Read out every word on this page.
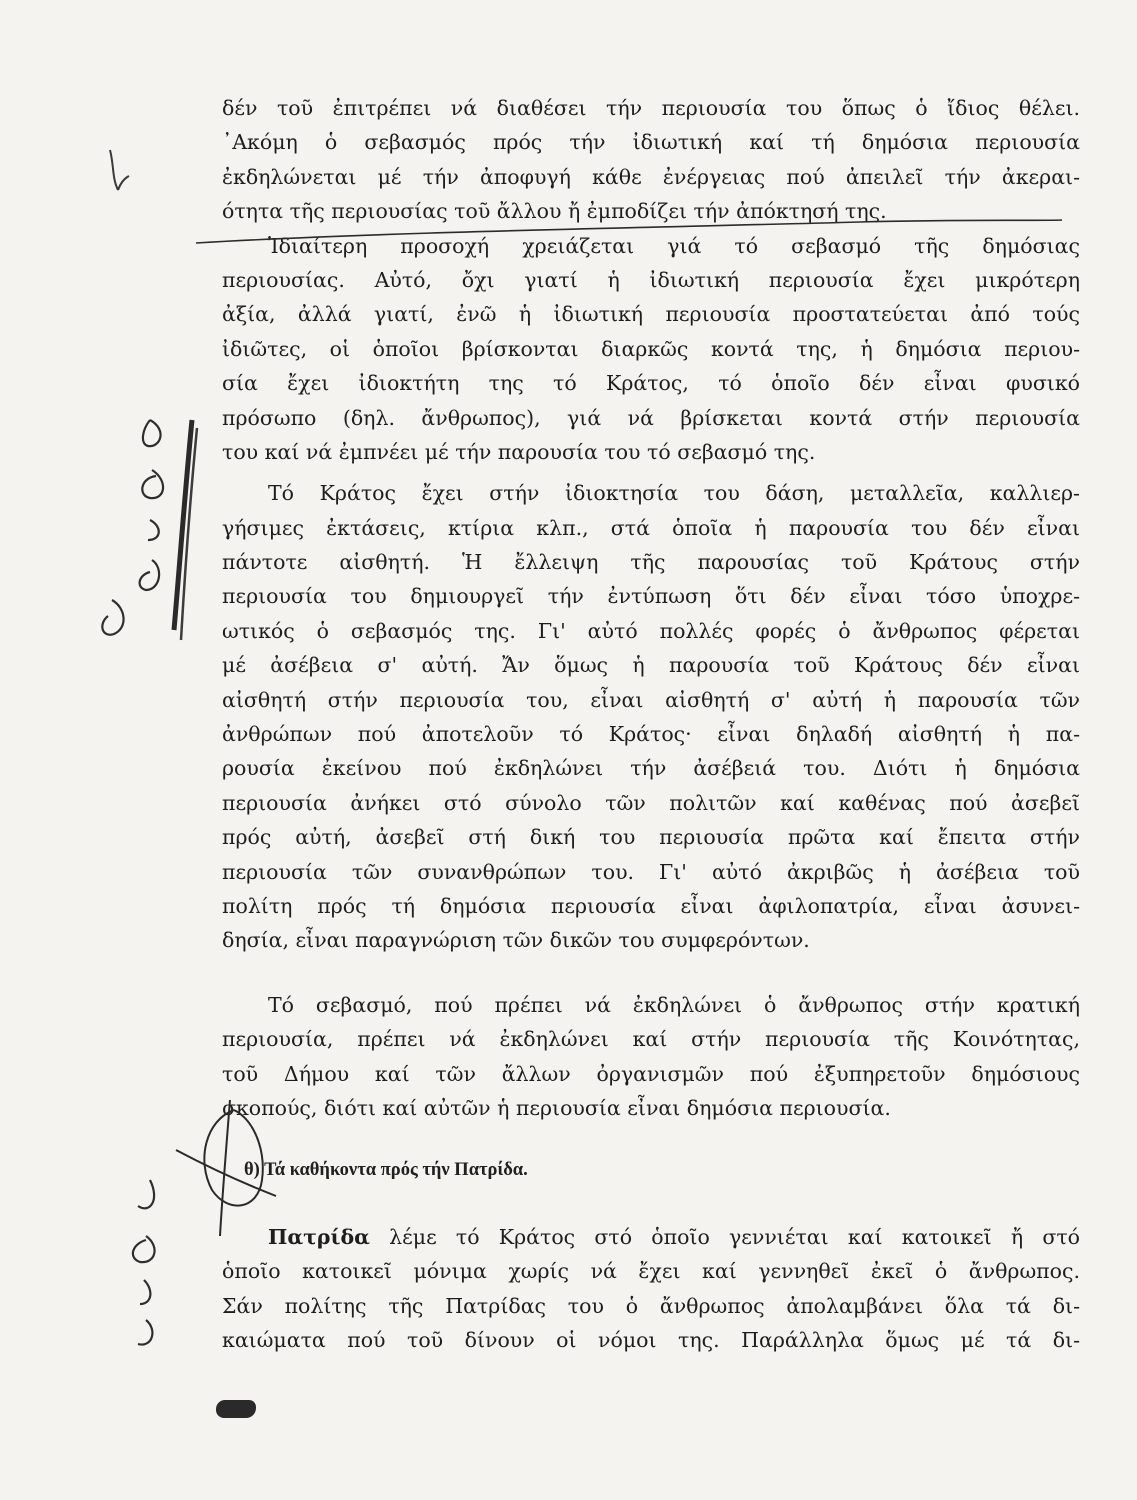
δέν τοῦ ἐπιτρέπει νά διαθέσει τήν περιουσία του ὅπως ὁ ἴδιος θέλει.
᾿Ακόμη ὁ σεβασμός πρός τήν ἰδιωτική καί τή δημόσια περιουσία
ἐκδηλώνεται μέ τήν ἀποφυγή κάθε ἐνέργειας πού ἀπειλεῖ τήν ἀκεραι-
ότητα τῆς περιουσίας τοῦ ἄλλου ἤ ἐμποδίζει τήν ἀπόκτησή της.
Ἰδιαίτερη προσοχή χρειάζεται γιά τό σεβασμό τῆς δημόσιας
περιουσίας. Αὐτό, ὄχι γιατί ἡ ἰδιωτική περιουσία ἔχει μικρότερη
ἀξία, ἀλλά γιατί, ἐνῶ ἡ ἰδιωτική περιουσία προστατεύεται ἀπό τούς
ἰδιῶτες, οἱ ὁποῖοι βρίσκονται διαρκῶς κοντά της, ἡ δημόσια περιου-
σία ἔχει ἰδιοκτήτη της τό Κράτος, τό ὁποῖο δέν εἶναι φυσικό
πρόσωπο (δηλ. ἄνθρωπος), γιά νά βρίσκεται κοντά στήν περιουσία
του καί νά ἐμπνέει μέ τήν παρουσία του τό σεβασμό της.
Τό Κράτος ἔχει στήν ἰδιοκτησία του δάση, μεταλλεῖα, καλλιερ-
γήσιμες ἐκτάσεις, κτίρια κλπ., στά ὁποῖα ἡ παρουσία του δέν εἶναι
πάντοτε αἰσθητή. Ἡ ἔλλειψη τῆς παρουσίας τοῦ Κράτους στήν
περιουσία του δημιουργεῖ τήν ἐντύπωση ὅτι δέν εἶναι τόσο ὑποχρε-
ωτικός ὁ σεβασμός της. Γι' αὐτό πολλές φορές ὁ ἄνθρωπος φέρεται
μέ ἀσέβεια σ' αὐτή. Ἄν ὅμως ἡ παρουσία τοῦ Κράτους δέν εἶναι
αἰσθητή στήν περιουσία του, εἶναι αἰσθητή σ' αὐτή ἡ παρουσία τῶν
ἀνθρώπων πού ἀποτελοῦν τό Κράτος· εἶναι δηλαδή αἰσθητή ἡ πα-
ρουσία ἐκείνου πού ἐκδηλώνει τήν ἀσέβειά του. Διότι ἡ δημόσια
περιουσία ἀνήκει στό σύνολο τῶν πολιτῶν καί καθένας πού ἀσεβεῖ
πρός αὐτή, ἀσεβεῖ στή δική του περιουσία πρῶτα καί ἔπειτα στήν
περιουσία τῶν συνανθρώπων του. Γι' αὐτό ἀκριβῶς ἡ ἀσέβεια τοῦ
πολίτη πρός τή δημόσια περιουσία εἶναι ἀφιλοπατρία, εἶναι ἀσυνει-
δησία, εἶναι παραγνώριση τῶν δικῶν του συμφερόντων.
Τό σεβασμό, πού πρέπει νά ἐκδηλώνει ὁ ἄνθρωπος στήν κρατική
περιουσία, πρέπει νά ἐκδηλώνει καί στήν περιουσία τῆς Κοινότητας,
τοῦ Δήμου καί τῶν ἄλλων ὀργανισμῶν πού ἐξυπηρετοῦν δημόσιους
σκοπούς, διότι καί αὐτῶν ἡ περιουσία εἶναι δημόσια περιουσία.
θ) Τά καθήκοντα πρός τήν Πατρίδα.
Πατρίδα λέμε τό Κράτος στό ὁποῖο γεννιέται καί κατοικεῖ ἤ στό
ὁποῖο κατοικεῖ μόνιμα χωρίς νά ἔχει καί γεννηθεῖ ἐκεῖ ὁ ἄνθρωπος.
Σάν πολίτης τῆς Πατρίδας του ὁ ἄνθρωπος ἀπολαμβάνει ὅλα τά δι-
καιώματα πού τοῦ δίνουν οἱ νόμοι της. Παράλληλα ὅμως μέ τά δι-
